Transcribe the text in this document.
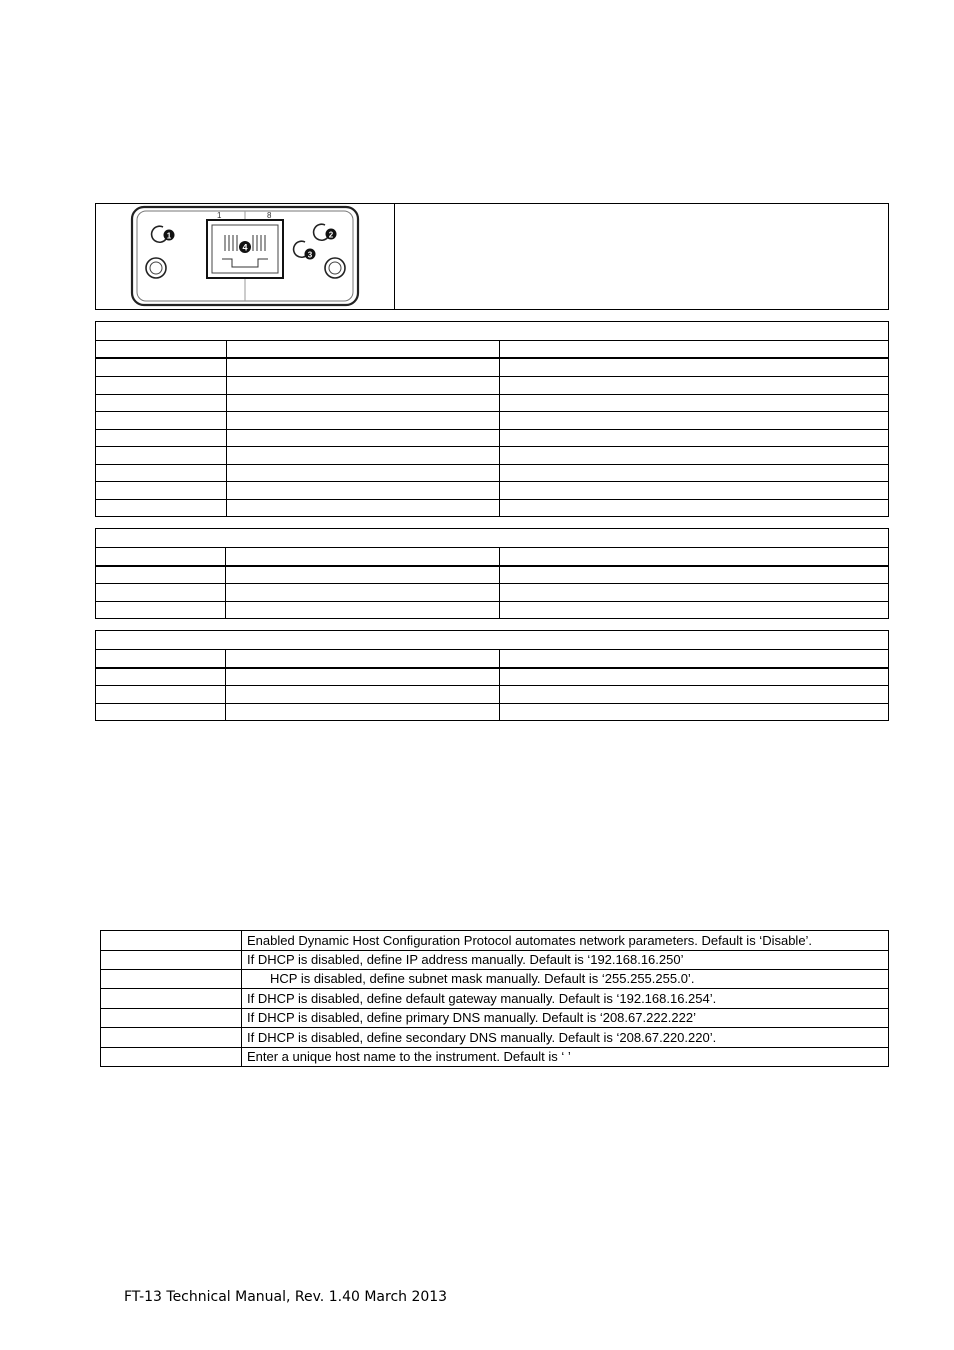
1	8
4
1	2
3
Enabled Dynamic Host Configuration Protocol automates network parameters. Default is ‘Disable’.
If DHCP is disabled, define IP address manually. Default is ‘192.168.16.250’
HCP is disabled, define subnet mask manually. Default is ‘255.255.255.0’.
If DHCP is disabled, define default gateway manually. Default is ‘192.168.16.254’.
If DHCP is disabled, define primary DNS manually. Default is ‘208.67.222.222’
If DHCP is disabled, define secondary DNS manually. Default is ‘208.67.220.220’.
Enter a unique host name to the instrument. Default is ‘ ’
FT-13 Technical Manual, Rev. 1.40 March 2013
